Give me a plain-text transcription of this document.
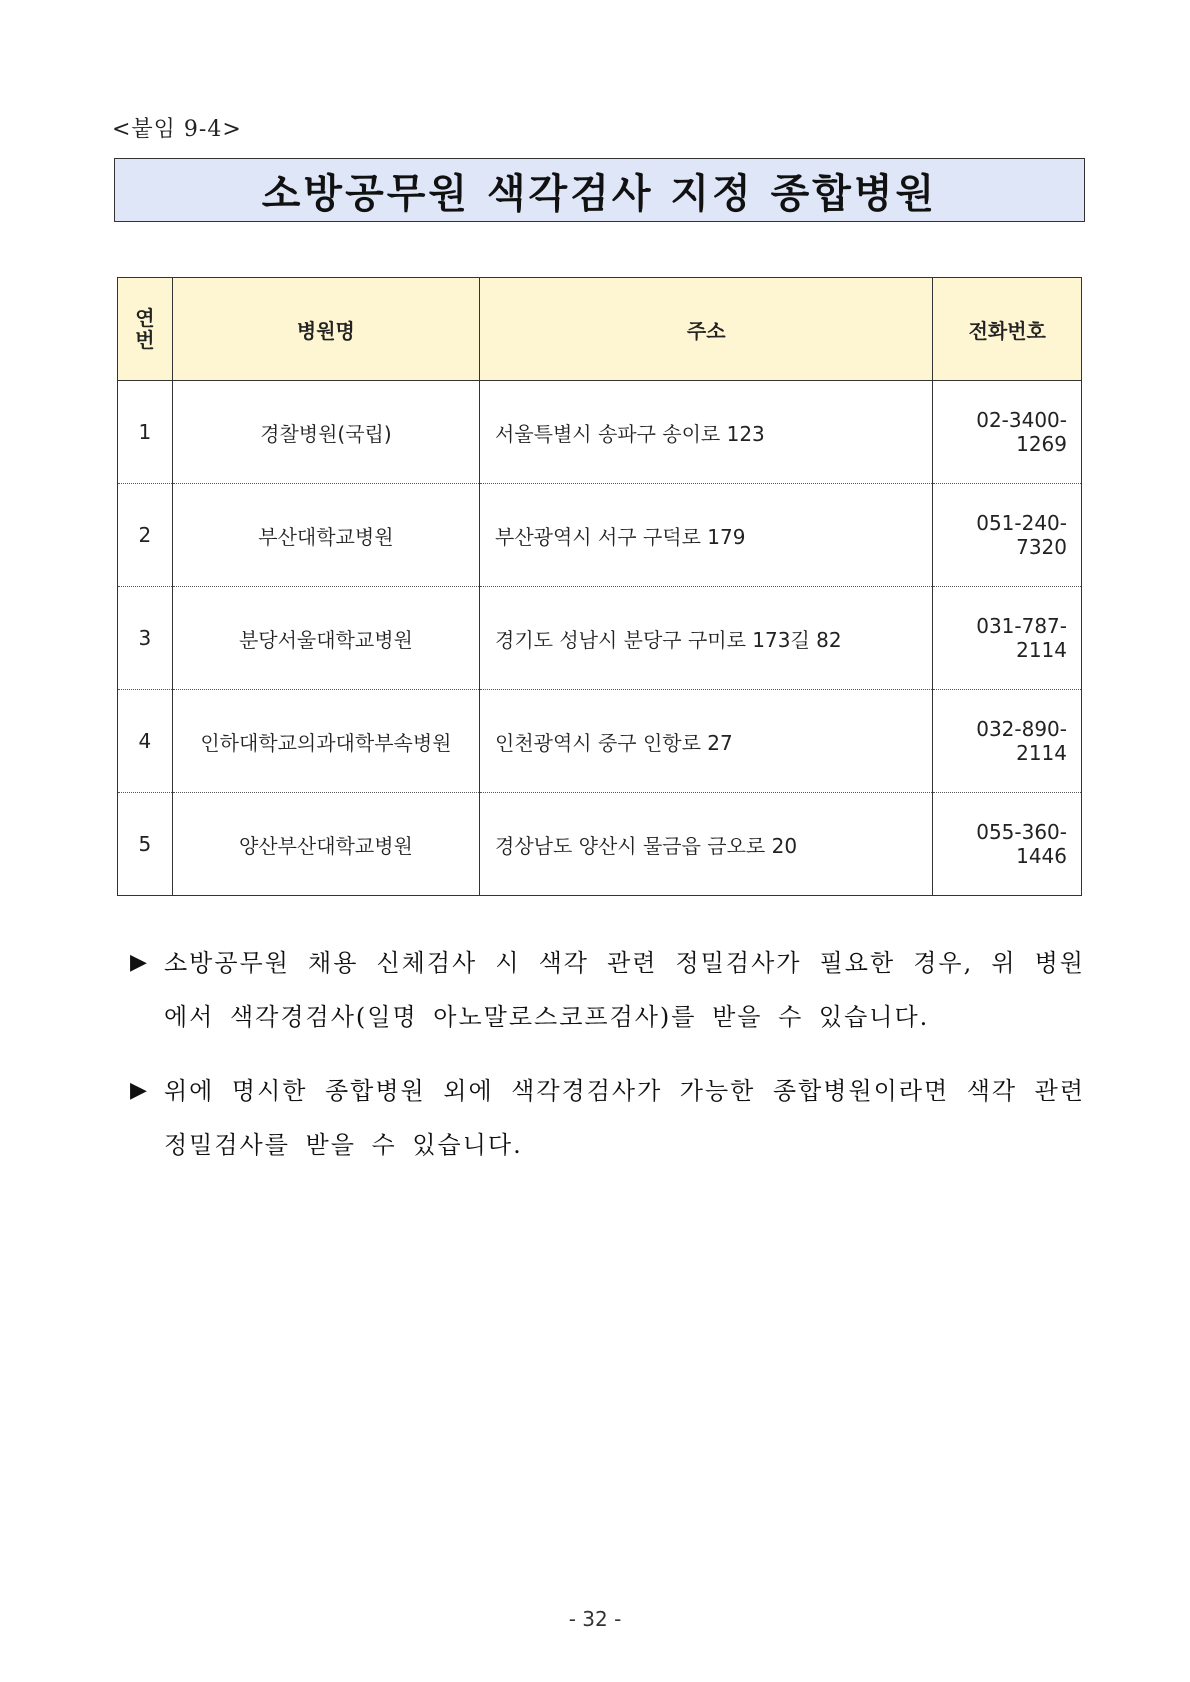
<붙임 9-4>
소방공무원 색각검사 지정 종합병원
연번	병원명	주소	전화번호
1	경찰병원(국립)	서울특별시 송파구 송이로 123	02-3400-1269
2	부산대학교병원	부산광역시 서구 구덕로 179	051-240-7320
3	분당서울대학교병원	경기도 성남시 분당구 구미로 173길 82	031-787-2114
4	인하대학교의과대학부속병원	인천광역시 중구 인항로 27	032-890-2114
5	양산부산대학교병원	경상남도 양산시 물금읍 금오로 20	055-360-1446
▶ 소방공무원 채용 신체검사 시 색각 관련 정밀검사가 필요한 경우, 위 병원에서 색각경검사(일명 아노말로스코프검사)를 받을 수 있습니다.
▶ 위에 명시한 종합병원 외에 색각경검사가 가능한 종합병원이라면 색각 관련 정밀검사를 받을 수 있습니다.
- 32 -
